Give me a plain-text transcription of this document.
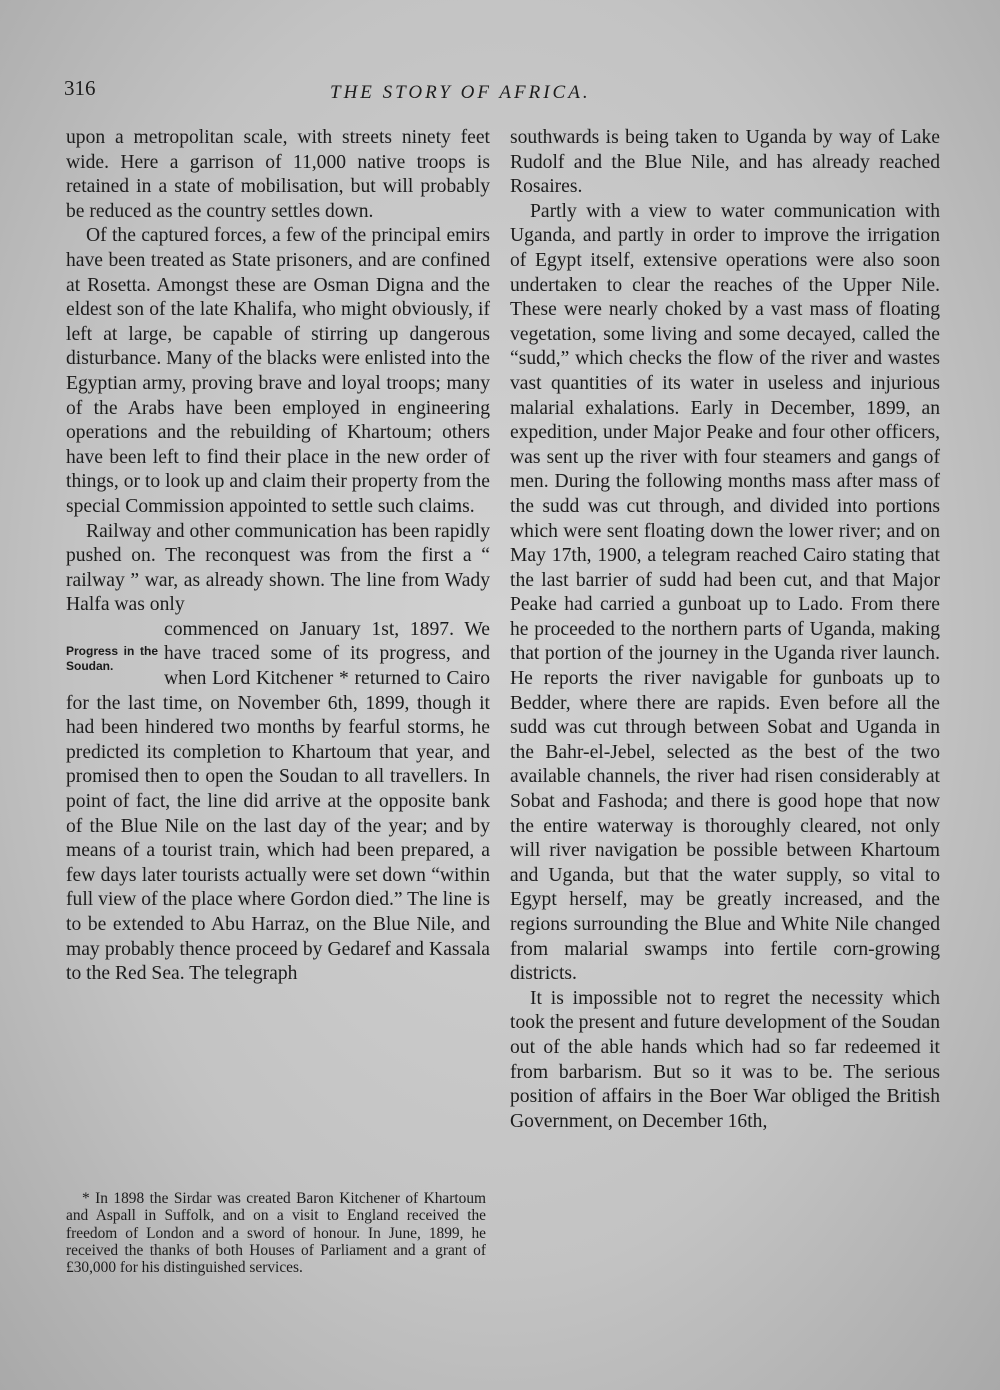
316	THE STORY OF AFRICA.

upon a metropolitan scale, with streets ninety feet wide. Here a garrison of 11,000 native troops is retained in a state of mobilisation, but will probably be reduced as the country settles down.

Of the captured forces, a few of the principal emirs have been treated as State prisoners, and are confined at Rosetta. Amongst these are Osman Digna and the eldest son of the late Khalifa, who might obviously, if left at large, be capable of stirring up dangerous disturbance. Many of the blacks were enlisted into the Egyptian army, proving brave and loyal troops; many of the Arabs have been employed in engineering operations and the rebuilding of Khartoum; others have been left to find their place in the new order of things, or to look up and claim their property from the special Commission appointed to settle such claims.

Railway and other communication has been rapidly pushed on. The reconquest was from the first a “ railway ” war, as already shown. The line from Wady Halfa was only

Progress in the Soudan.

commenced on January 1st, 1897. We have traced some of its progress, and when Lord Kitchener * returned to Cairo for the last time, on November 6th, 1899, though it had been hindered two months by fearful storms, he predicted its completion to Khartoum that year, and promised then to open the Soudan to all travellers. In point of fact, the line did arrive at the opposite bank of the Blue Nile on the last day of the year; and by means of a tourist train, which had been prepared, a few days later tourists actually were set down “within full view of the place where Gordon died.” The line is to be extended to Abu Harraz, on the Blue Nile, and may probably thence proceed by Gedaref and Kassala to the Red Sea. The telegraph

* In 1898 the Sirdar was created Baron Kitchener of Khartoum and Aspall in Suffolk, and on a visit to England received the freedom of London and a sword of honour. In June, 1899, he received the thanks of both Houses of Parliament and a grant of £30,000 for his distinguished services.

southwards is being taken to Uganda by way of Lake Rudolf and the Blue Nile, and has already reached Rosaires.

Partly with a view to water communication with Uganda, and partly in order to improve the irrigation of Egypt itself, extensive operations were also soon undertaken to clear the reaches of the Upper Nile. These were nearly choked by a vast mass of floating vegetation, some living and some decayed, called the “sudd,” which checks the flow of the river and wastes vast quantities of its water in useless and injurious malarial exhalations. Early in December, 1899, an expedition, under Major Peake and four other officers, was sent up the river with four steamers and gangs of men. During the following months mass after mass of the sudd was cut through, and divided into portions which were sent floating down the lower river; and on May 17th, 1900, a telegram reached Cairo stating that the last barrier of sudd had been cut, and that Major Peake had carried a gunboat up to Lado. From there he proceeded to the northern parts of Uganda, making that portion of the journey in the Uganda river launch. He reports the river navigable for gunboats up to Bedder, where there are rapids. Even before all the sudd was cut through between Sobat and Uganda in the Bahr-el-Jebel, selected as the best of the two available channels, the river had risen considerably at Sobat and Fashoda; and there is good hope that now the entire waterway is thoroughly cleared, not only will river navigation be possible between Khartoum and Uganda, but that the water supply, so vital to Egypt herself, may be greatly increased, and the regions surrounding the Blue and White Nile changed from malarial swamps into fertile corn-growing districts.

It is impossible not to regret the necessity which took the present and future development of the Soudan out of the able hands which had so far redeemed it from barbarism. But so it was to be. The serious position of affairs in the Boer War obliged the British Government, on December 16th,
